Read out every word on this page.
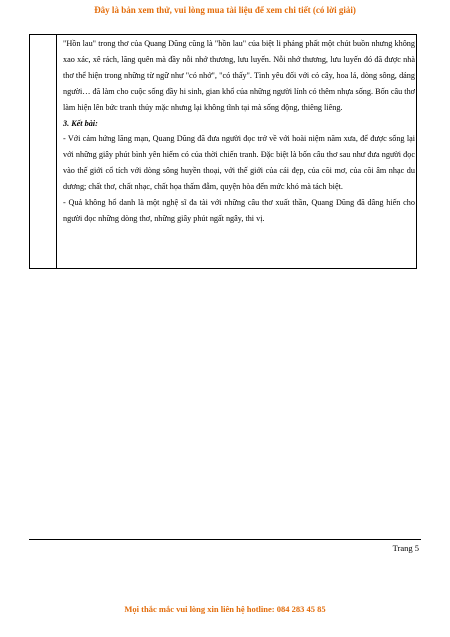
Đây là bản xem thử, vui lòng mua tài liệu để xem chi tiết (có lời giải)

"Hồn lau" trong thơ của Quang Dũng cũng là "hồn lau" của biệt li phảng phất một chút buồn nhưng không xao xác, xê rách, lãng quên mà đầy nỗi nhớ thương, lưu luyến. Nỗi nhớ thương, lưu luyến đó đã được nhà thơ thể hiện trong những từ ngữ như "có nhớ", "có thấy". Tình yêu đối với cỏ cây, hoa lá, dòng sông, dáng người… đã làm cho cuộc sống đầy hi sinh, gian khổ của những người lính có thêm nhựa sống. Bốn câu thơ làm hiện lên bức tranh thủy mặc nhưng lại không tĩnh tại mà sống động, thiêng liêng.

3. Kết bài:

- Với cảm hứng lãng mạn, Quang Dũng đã đưa người đọc trở về với hoài niệm năm xưa, để được sống lại với những giây phút bình yên hiếm có của thời chiến tranh. Đặc biệt là bốn câu thơ sau như đưa người đọc vào thế giới cổ tích với dòng sông huyền thoại, với thế giới của cái đẹp, của cõi mơ, của cõi âm nhạc du dương; chất thơ, chất nhạc, chất họa thấm đẫm, quyện hòa đến mức khó mà tách biệt.

- Quả không hổ danh là một nghệ sĩ đa tài với những câu thơ xuất thần, Quang Dũng đã dâng hiến cho người đọc những dòng thơ, những giây phút ngất ngây, thi vị.

Trang 5
Mọi thắc mắc vui lòng xin liên hệ hotline: 084 283 45 85
